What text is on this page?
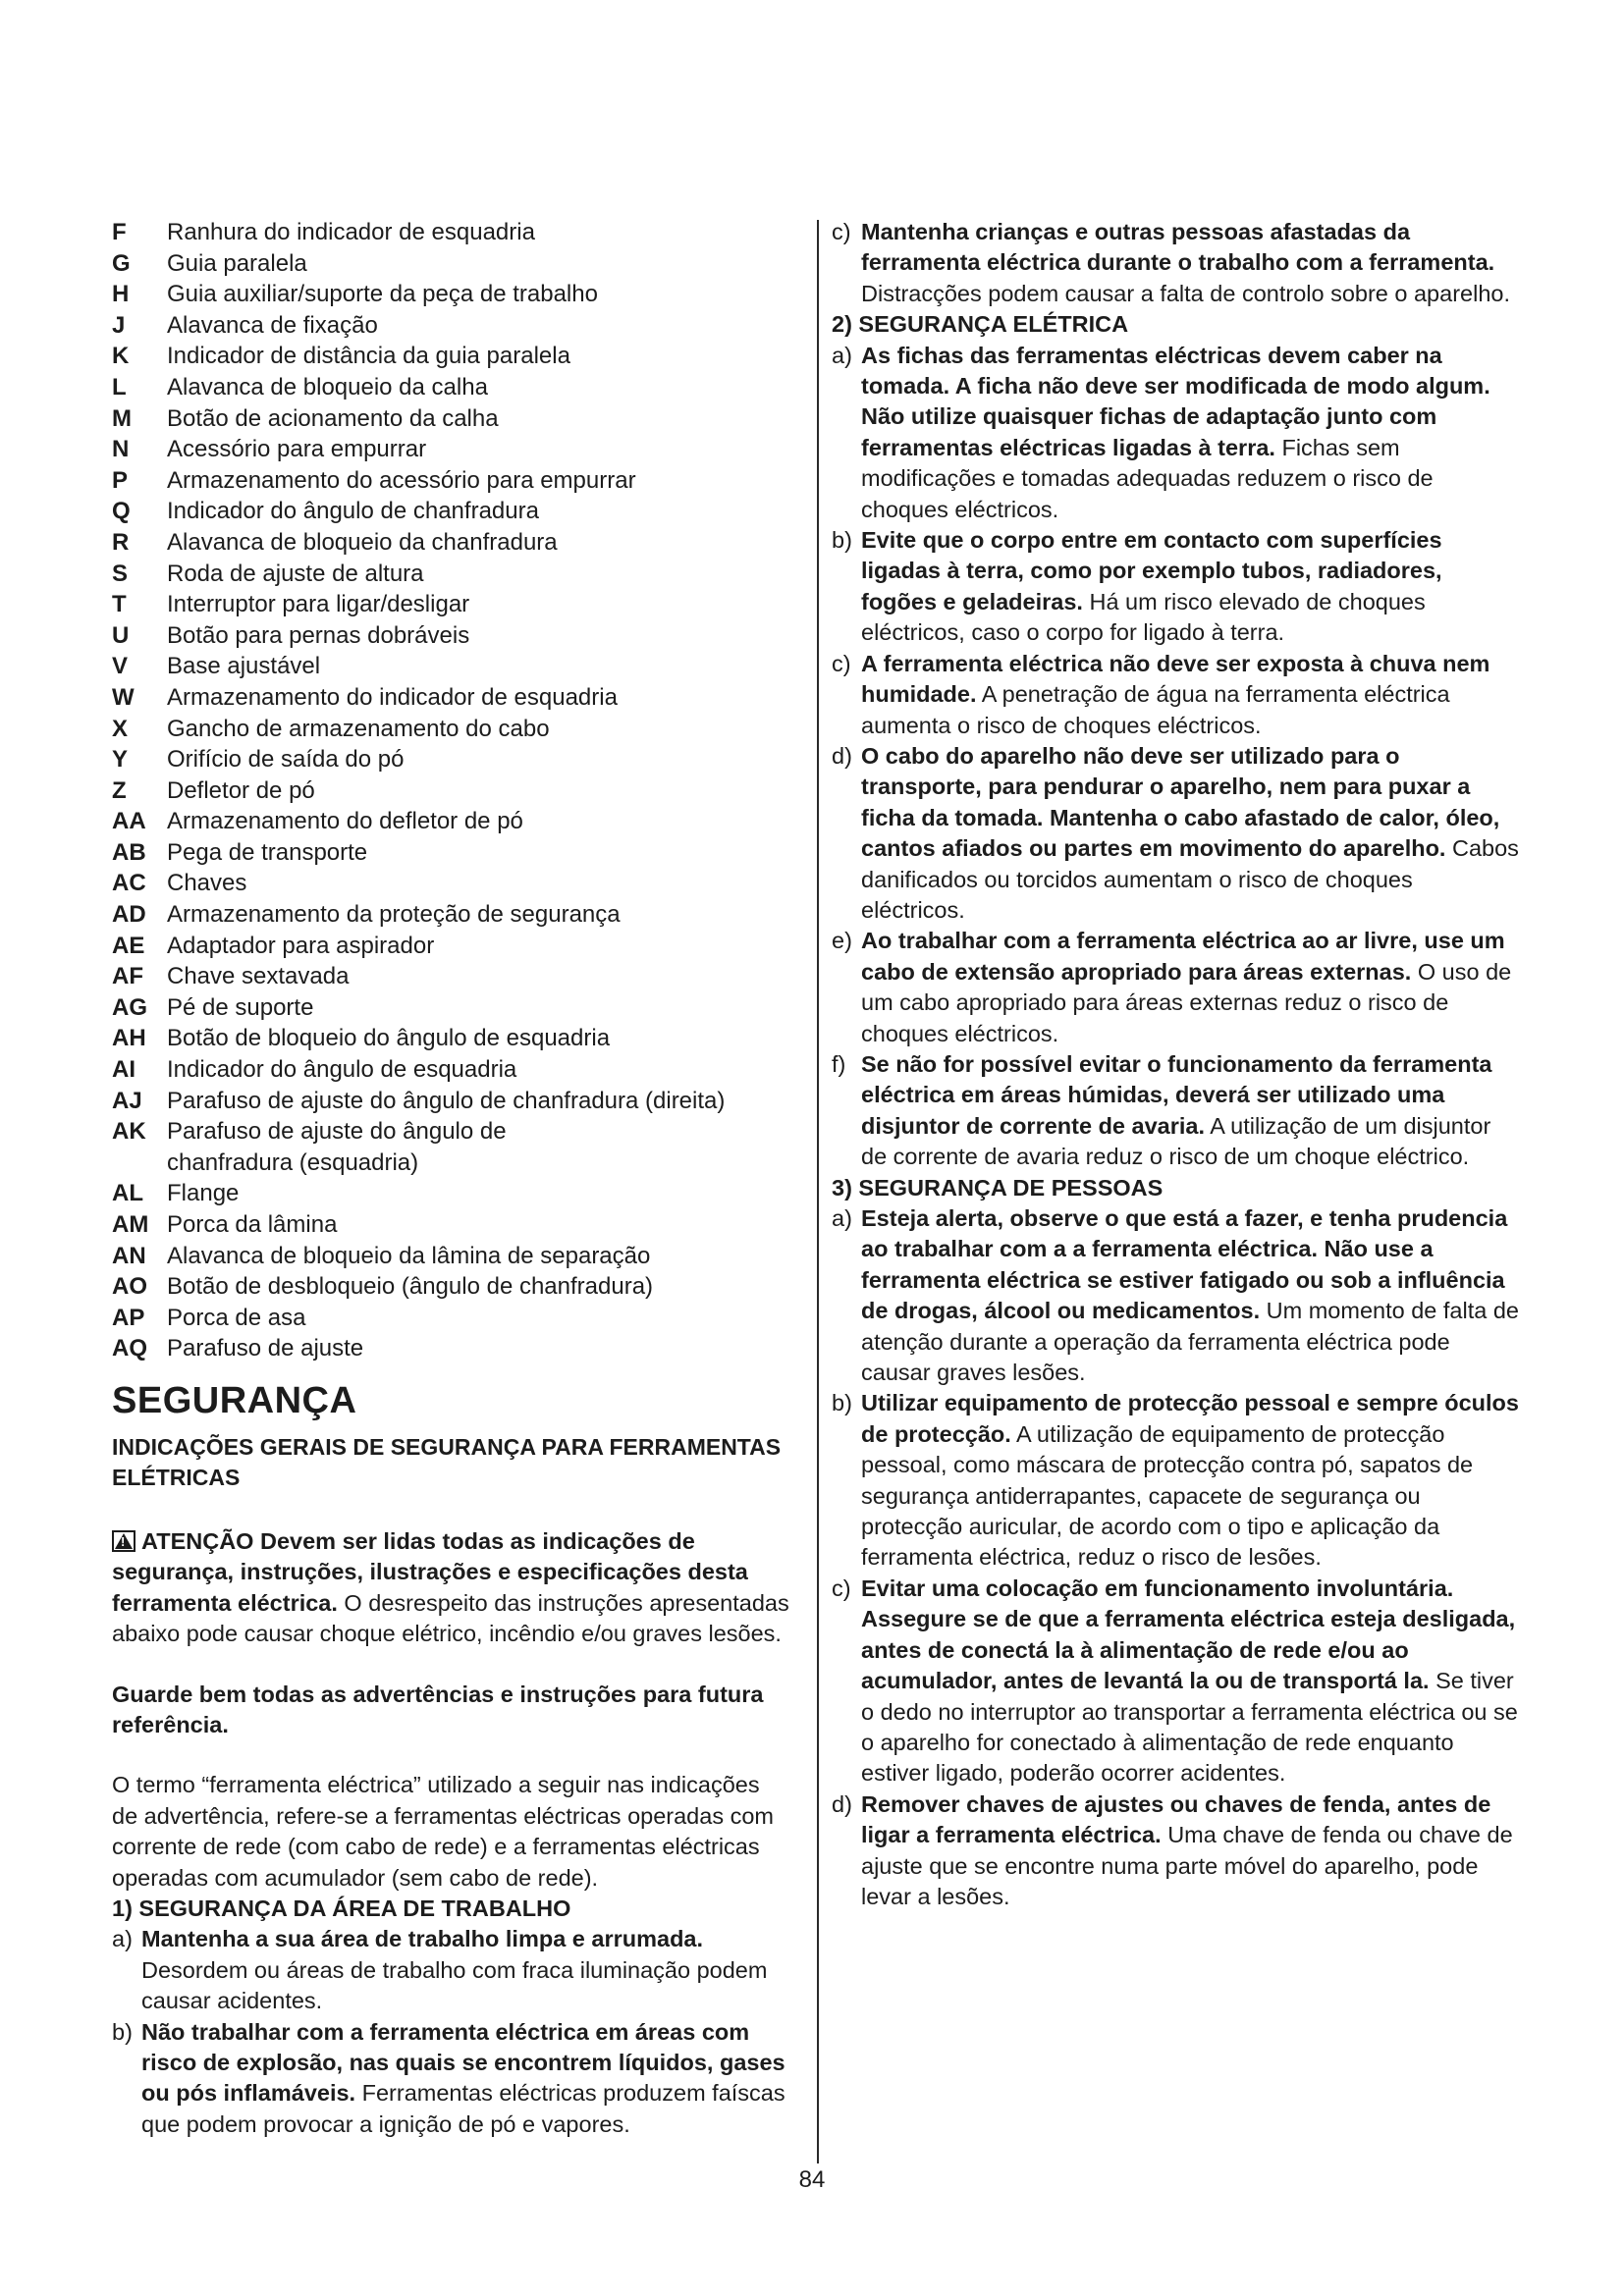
F Ranhura do indicador de esquadria
G Guia paralela
H Guia auxiliar/suporte da peça de trabalho
J Alavanca de fixação
K Indicador de distância da guia paralela
L Alavanca de bloqueio da calha
M Botão de acionamento da calha
N Acessório para empurrar
P Armazenamento do acessório para empurrar
Q Indicador do ângulo de chanfradura
R Alavanca de bloqueio da chanfradura
S Roda de ajuste de altura
T Interruptor para ligar/desligar
U Botão para pernas dobráveis
V Base ajustável
W Armazenamento do indicador de esquadria
X Gancho de armazenamento do cabo
Y Orifício de saída do pó
Z Defletor de pó
AA Armazenamento do defletor de pó
AB Pega de transporte
AC Chaves
AD Armazenamento da proteção de segurança
AE Adaptador para aspirador
AF Chave sextavada
AG Pé de suporte
AH Botão de bloqueio do ângulo de esquadria
AI Indicador do ângulo de esquadria
AJ Parafuso de ajuste do ângulo de chanfradura (direita)
AK Parafuso de ajuste do ângulo de
chanfradura (esquadria)
AL Flange
AM Porca da lâmina
AN Alavanca de bloqueio da lâmina de separação
AO Botão de desbloqueio (ângulo de chanfradura)
AP Porca de asa
AQ Parafuso de ajuste
SEGURANÇA
INDICAÇÕES GERAIS DE SEGURANÇA PARA FERRAMENTAS ELÉTRICAS

!ATENÇÃO Devem ser lidas todas as indicações de segurança, instruções, ilustrações e especificações desta ferramenta eléctrica. O desrespeito das instruções apresentadas abaixo pode causar choque elétrico, incêndio e/ou graves lesões.

Guarde bem todas as advertências e instruções para futura referência.

O termo “ferramenta eléctrica” utilizado a seguir nas indicações de advertência, refere-se a ferramentas eléctricas operadas com corrente de rede (com cabo de rede) e a ferramentas eléctricas operadas com acumulador (sem cabo de rede).

1) SEGURANÇA DA ÁREA DE TRABALHO
a) Mantenha a sua área de trabalho limpa e arrumada. Desordem ou áreas de trabalho com fraca iluminação podem causar acidentes.
b) Não trabalhar com a ferramenta eléctrica em áreas com risco de explosão, nas quais se encontrem líquidos, gases ou pós inflamáveis. Ferramentas eléctricas produzem faíscas que podem provocar a ignição de pó e vapores.
c) Mantenha crianças e outras pessoas afastadas da ferramenta eléctrica durante o trabalho com a ferramenta. Distracções podem causar a falta de controlo sobre o aparelho.
2) SEGURANÇA ELÉTRICA
a) As fichas das ferramentas eléctricas devem caber na tomada. A ficha não deve ser modificada de modo algum. Não utilize quaisquer fichas de adaptação junto com ferramentas eléctricas ligadas à terra. Fichas sem modificações e tomadas adequadas reduzem o risco de choques eléctricos.
b) Evite que o corpo entre em contacto com superfícies ligadas à terra, como por exemplo tubos, radiadores, fogões e geladeiras. Há um risco elevado de choques eléctricos, caso o corpo for ligado à terra.
c) A ferramenta eléctrica não deve ser exposta à chuva nem humidade. A penetração de água na ferramenta eléctrica aumenta o risco de choques eléctricos.
d) O cabo do aparelho não deve ser utilizado para o transporte, para pendurar o aparelho, nem para puxar a ficha da tomada. Mantenha o cabo afastado de calor, óleo, cantos afiados ou partes em movimento do aparelho. Cabos danificados ou torcidos aumentam o risco de choques eléctricos.
e) Ao trabalhar com a ferramenta eléctrica ao ar livre, use um cabo de extensão apropriado para áreas externas. O uso de um cabo apropriado para áreas externas reduz o risco de choques eléctricos.
f) Se não for possível evitar o funcionamento da ferramenta eléctrica em áreas húmidas, deverá ser utilizado uma disjuntor de corrente de avaria. A utilização de um disjuntor de corrente de avaria reduz o risco de um choque eléctrico.
3) SEGURANÇA DE PESSOAS
a) Esteja alerta, observe o que está a fazer, e tenha prudencia ao trabalhar com a a ferramenta eléctrica. Não use a ferramenta eléctrica se estiver fatigado ou sob a influência de drogas, álcool ou medicamentos. Um momento de falta de atenção durante a operação da ferramenta eléctrica pode causar graves lesões.
b) Utilizar equipamento de protecção pessoal e sempre óculos de protecção. A utilização de equipamento de protecção pessoal, como máscara de protecção contra pó, sapatos de segurança antiderrapantes, capacete de segurança ou protecção auricular, de acordo com o tipo e aplicação da ferramenta eléctrica, reduz o risco de lesões.
c) Evitar uma colocação em funcionamento involuntária. Assegure se de que a ferramenta eléctrica esteja desligada, antes de conectá la à alimentação de rede e/ou ao acumulador, antes de levantá la ou de transportá la. Se tiver o dedo no interruptor ao transportar a ferramenta eléctrica ou se o aparelho for conectado à alimentação de rede enquanto estiver ligado, poderão ocorrer acidentes.
d) Remover chaves de ajustes ou chaves de fenda, antes de ligar a ferramenta eléctrica. Uma chave de fenda ou chave de ajuste que se encontre numa parte móvel do aparelho, pode levar a lesões.
84
